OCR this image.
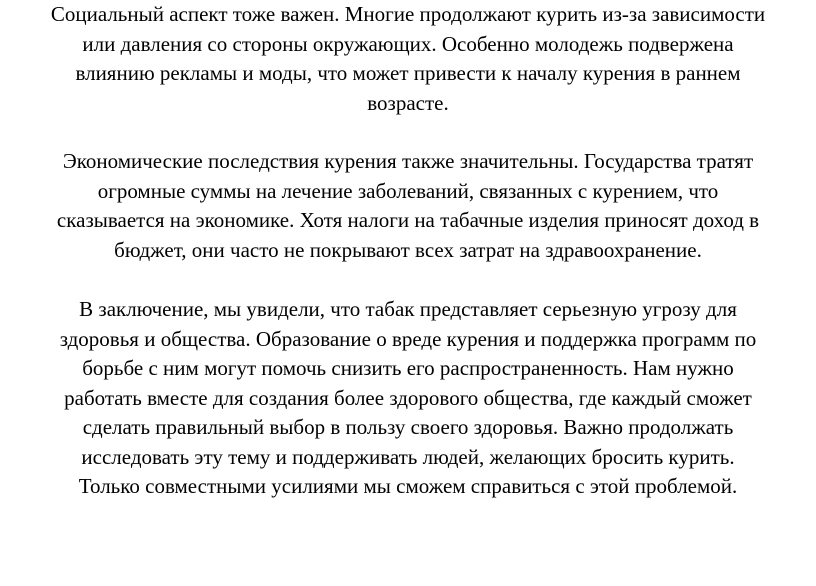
Социальный аспект тоже важен. Многие продолжают курить из-за зависимости
или давления со стороны окружающих. Особенно молодежь подвержена
влиянию рекламы и моды, что может привести к началу курения в раннем
возрасте.
Экономические последствия курения также значительны. Государства тратят
огромные суммы на лечение заболеваний, связанных с курением, что
сказывается на экономике. Хотя налоги на табачные изделия приносят доход в
бюджет, они часто не покрывают всех затрат на здравоохранение.
В заключение, мы увидели, что табак представляет серьезную угрозу для
здоровья и общества. Образование о вреде курения и поддержка программ по
борьбе с ним могут помочь снизить его распространенность. Нам нужно
работать вместе для создания более здорового общества, где каждый сможет
сделать правильный выбор в пользу своего здоровья. Важно продолжать
исследовать эту тему и поддерживать людей, желающих бросить курить.
Только совместными усилиями мы сможем справиться с этой проблемой.
